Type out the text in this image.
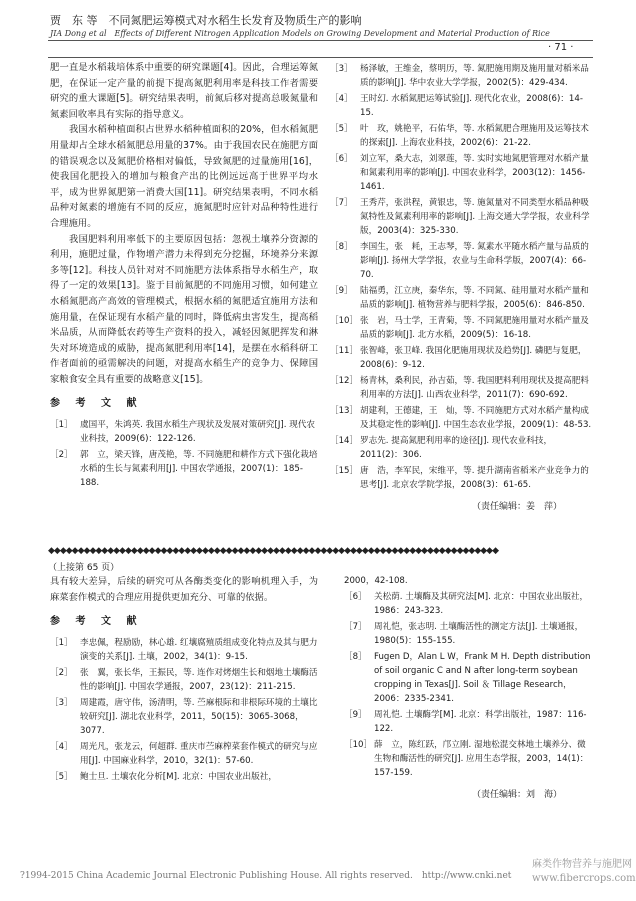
贾　东 等　不同氮肥运筹模式对水稻生长发育及物质生产的影响
JIA Dong et al　Effects of Different Nitrogen Application Models on Growing Development and Material Production of Rice
· 71 ·

肥一直是水稻栽培体系中重要的研究课题[4]。因此，合理运筹氮肥，在保证一定产量的前提下提高氮肥利用率是科技工作者需要研究的重大课题[5]。研究结果表明，前氮后移对提高总吸氮量和氮素回收率具有实际的指导意义。

我国水稻种植面积占世界水稻种植面积的20%，但水稻氮肥用量却占全球水稻氮肥总用量的37%。由于我国农民在施肥方面的错误观念以及氮肥价格相对偏低，导致氮肥的过量施用[16]，使我国化肥投入的增加与粮食产出的比例远远高于世界平均水平，成为世界氮肥第一消费大国[11]。研究结果表明，不同水稻品种对氮素的增施有不同的反应，施氮肥时应针对品种特性进行合理施用。

我国肥料利用率低下的主要原因包括：忽视土壤养分资源的利用，施肥过量，作物增产潜力未得到充分挖掘，环境养分来源多等[12]。科技人员针对对不同施肥方法体系指导水稻生产，取得了一定的效果[13]。鉴于目前氮肥的不同施用习惯，如何建立水稻氮肥高产高效的管理模式，根据水稻的氮肥适宜施用方法和施用量，在保证现有水稻产量的同时，降低病虫害发生，提高稻米品质，从而降低农药等生产资料的投入，减轻因氮肥挥发和淋失对环境造成的威胁，提高氮肥利用率[14]，是摆在水稻科研工作者面前的亟需解决的问题，对提高水稻生产的竞争力、保障国家粮食安全具有重要的战略意义[15]。

参 考 文 献
［1］ 虞国平，朱鸿英. 我国水稻生产现状及发展对策研究[J]. 现代农业科技，2009(6)：122-126.
［2］ 郭　立，梁天锋，唐茂艳，等. 不同施肥和耕作方式下强化栽培水稻的生长与氮素利用[J]. 中国农学通报，2007(1)：185-188.
［3］ 杨泽敏，王维金，蔡明历，等. 氮肥施用期及施用量对稻米品质的影响[J]. 华中农业大学学报，2002(5)：429-434.
［4］ 王时幻. 水稻氮肥运筹试验[J]. 现代化农业，2008(6)：14-15.
［5］ 叶　玫，姚艳平，石佑华，等. 水稻氮肥合理施用及运筹技术的探索[J]. 上海农业科技，2002(6)：21-22.
［6］ 刘立军，桑大志，刘翠莲，等. 实时实地氮肥管理对水稻产量和氮素利用率的影响[J]. 中国农业科学，2003(12)：1456-1461.
［7］ 王秀芹，张洪程，黄银忠，等. 施氮量对不同类型水稻品种吸氮特性及氮素利用率的影响[J]. 上海交通大学学报，农业科学版，2003(4)：325-330.
［8］ 李国生，张　耗，王志琴，等. 氮素水平随水稻产量与品质的影响[J]. 扬州大学学报，农业与生命科学版，2007(4)：66-70.
［9］ 陆福勇，江立庚，秦华东，等. 不同氮、硅用量对水稻产量和品质的影响[J]. 植物营养与肥料学报，2005(6)：846-850.
［10］ 张　岩，马士学，王青菊，等. 不同氮肥施用量对水稻产量及品质的影响[J]. 北方水稻，2009(5)：16-18.
［11］ 张智峰，张卫峰. 我国化肥施用现状及趋势[J]. 磷肥与复肥，2008(6)：9-12.
［12］ 杨青林，桑利民，孙吉茹，等. 我国肥料利用现状及提高肥料利用率的方法[J]. 山西农业科学，2011(7)：690-692.
［13］ 胡建利，王德建，王　灿，等. 不同施肥方式对水稻产量构成及其稳定性的影响[J]. 中国生态农业学报，2009(1)：48-53.
［14］ 罗志先. 提高氮肥利用率的途径[J]. 现代农业科技，2011(2)：306.
［15］ 唐　浩，李军民，宋维平，等. 提升湖南省稻米产业竞争力的思考[J]. 北京农学院学报，2008(3)：61-65.
（责任编辑：姜　萍）
◆◆◆◆◆◆◆◆◆◆◆◆◆◆◆◆◆◆◆◆◆◆◆◆◆◆◆◆◆◆◆◆◆◆◆◆◆◆◆◆◆◆◆◆◆◆◆◆◆◆◆◆◆◆◆◆◆◆◆◆◆◆◆◆◆◆◆◆◆◆◆◆◆◆◆◆
（上接第 65 页）

具有较大差异，后续的研究可从各酶类变化的影响机理入手，为麻菜套作模式的合理应用提供更加充分、可靠的依据。

参 考 文 献
［1］ 李忠佩，程励励，林心雄. 红壤腐殖质组成变化特点及其与肥力演变的关系[J]. 土壤，2002，34(1)：9-15.
［2］ 张　翼，张长华，王振民，等. 连作对烤烟生长和烟地土壤酶活性的影响[J]. 中国农学通报，2007，23(12)：211-215.
［3］ 周建霞，唐守伟，汤清明，等. 苎麻根际和非根际环境的土壤比较研究[J]. 湖北农业科学，2011，50(15)：3065-3068，3077.
［4］ 周光凡，张龙云，何超群. 重庆市苎麻榨菜套作模式的研究与应用[J]. 中国麻业科学，2010，32(1)：57-60.
［5］ 鲍士旦. 土壤农化分析[M]. 北京：中国农业出版社，
2000，42-108.
［6］ 关松荫. 土壤酶及其研究法[M]. 北京：中国农业出版社，1986：243-323.
［7］ 周礼恺，张志明. 土壤酶活性的测定方法[J]. 土壤通报，1980(5)：155-155.
［8］ Fugen D，Alan L W，Frank M H. Depth distribution of soil organic C and N after long-term soybean cropping in Texas[J]. Soil ＆ Tillage Research，2006：2335-2341.
［9］ 周礼恺. 土壤酶学[M]. 北京：科学出版社，1987：116-122.
［10］ 薛　立，陈红跃，邝立刚. 湿地松混交林地土壤养分、微生物和酶活性的研究[J]. 应用生态学报，2003，14(1)：157-159.
（责任编辑：刘　海）
?1994-2015 China Academic Journal Electronic Publishing House. All rights reserved.　http://www.cnki.net
麻类作物营养与施肥网
www.fibercrops.com
